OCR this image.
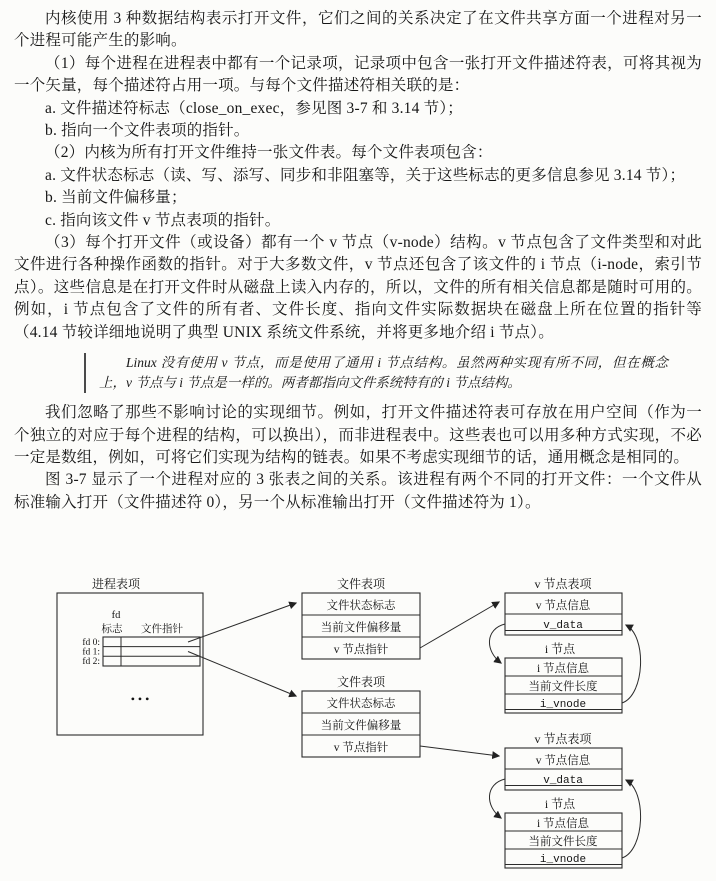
内核使用 3 种数据结构表示打开文件，它们之间的关系决定了在文件共享方面一个进程对另一个进程可能产生的影响。

（1）每个进程在进程表中都有一个记录项，记录项中包含一张打开文件描述符表，可将其视为一个矢量，每个描述符占用一项。与每个文件描述符相关联的是：

a. 文件描述符标志（close_on_exec，参见图 3-7 和 3.14 节）；

b. 指向一个文件表项的指针。

（2）内核为所有打开文件维持一张文件表。每个文件表项包含：

a. 文件状态标志（读、写、添写、同步和非阻塞等，关于这些标志的更多信息参见 3.14 节）；

b. 当前文件偏移量；

c. 指向该文件 v 节点表项的指针。

（3）每个打开文件（或设备）都有一个 v 节点（v-node）结构。v 节点包含了文件类型和对此文件进行各种操作函数的指针。对于大多数文件，v 节点还包含了该文件的 i 节点（i-node，索引节点）。这些信息是在打开文件时从磁盘上读入内存的，所以，文件的所有相关信息都是随时可用的。例如，i 节点包含了文件的所有者、文件长度、指向文件实际数据块在磁盘上所在位置的指针等（4.14 节较详细地说明了典型 UNIX 系统文件系统，并将更多地介绍 i 节点）。

Linux 没有使用 v 节点，而是使用了通用 i 节点结构。虽然两种实现有所不同，但在概念上，v 节点与 i 节点是一样的。两者都指向文件系统特有的 i 节点结构。

我们忽略了那些不影响讨论的实现细节。例如，打开文件描述符表可存放在用户空间（作为一个独立的对应于每个进程的结构，可以换出），而非进程表中。这些表也可以用多种方式实现，不必一定是数组，例如，可将它们实现为结构的链表。如果不考虑实现细节的话，通用概念是相同的。

图 3-7 显示了一个进程对应的 3 张表之间的关系。该进程有两个不同的打开文件：一个文件从标准输入打开（文件描述符 0），另一个从标准输出打开（文件描述符为 1）。

进程表项
fd
标志 文件指针
fd 0:
fd 1:
fd 2:
• • •
文件表项
文件状态标志
当前文件偏移量
v 节点指针
文件表项
文件状态标志
当前文件偏移量
v 节点指针
v 节点表项
v 节点信息
v_data
i 节点
i 节点信息
当前文件长度
i_vnode
v 节点表项
v 节点信息
v_data
i 节点
i 节点信息
当前文件长度
i_vnode
